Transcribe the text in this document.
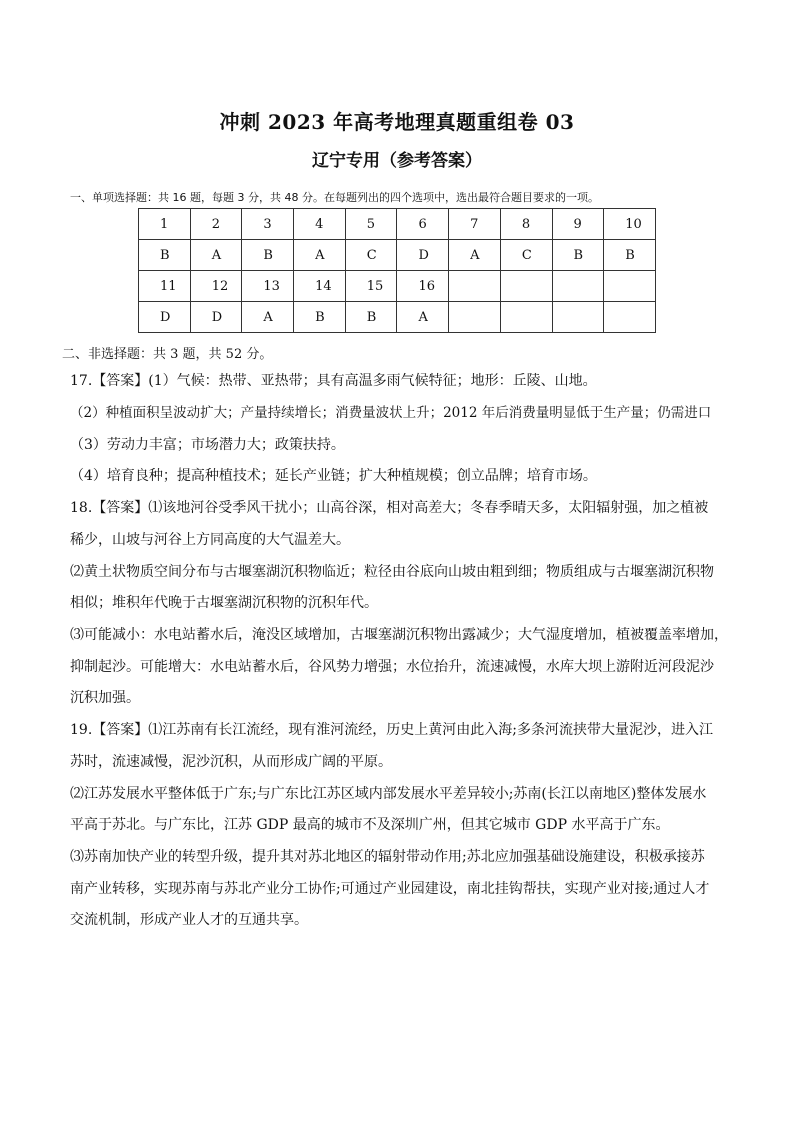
冲刺 2023 年高考地理真题重组卷 03
辽宁专用（参考答案）
一、单项选择题：共 16 题，每题 3 分，共 48 分。在每题列出的四个选项中，选出最符合题目要求的一项。
1	2	3	4	5	6	7	8	9	10
B	A	B	A	C	D	A	C	B	B
11	12	13	14	15	16				
D	D	A	B	B	A				
二、非选择题：共 3 题，共 52 分。
17.【答案】(1）气候：热带、亚热带；具有高温多雨气候特征；地形：丘陵、山地。
（2）种植面积呈波动扩大；产量持续增长；消费量波状上升；2012 年后消费量明显低于生产量；仍需进口
（3）劳动力丰富；市场潜力大；政策扶持。
（4）培育良种；提高种植技术；延长产业链；扩大种植规模；创立品牌；培育市场。
18.【答案】⑴该地河谷受季风干扰小；山高谷深，相对高差大；冬春季晴天多，太阳辐射强，加之植被
稀少，山坡与河谷上方同高度的大气温差大。
⑵黄土状物质空间分布与古堰塞湖沉积物临近；粒径由谷底向山坡由粗到细；物质组成与古堰塞湖沉积物
相似；堆积年代晚于古堰塞湖沉积物的沉积年代。
⑶可能减小：水电站蓄水后，淹没区域增加，古堰塞湖沉积物出露减少；大气湿度增加，植被覆盖率增加，
抑制起沙。可能增大：水电站蓄水后，谷风势力增强；水位抬升，流速减慢，水库大坝上游附近河段泥沙
沉积加强。
19.【答案】⑴江苏南有长江流经，现有淮河流经，历史上黄河由此入海;多条河流挟带大量泥沙，进入江
苏时，流速减慢，泥沙沉积，从而形成广阔的平原。
⑵江苏发展水平整体低于广东;与广东比江苏区域内部发展水平差异较小;苏南(长江以南地区)整体发展水
平高于苏北。与广东比，江苏 GDP 最高的城市不及深圳广州，但其它城市 GDP 水平高于广东。
⑶苏南加快产业的转型升级，提升其对苏北地区的辐射带动作用;苏北应加强基础设施建设，积极承接苏
南产业转移，实现苏南与苏北产业分工协作;可通过产业园建设，南北挂钩帮扶，实现产业对接;通过人才
交流机制，形成产业人才的互通共享。
